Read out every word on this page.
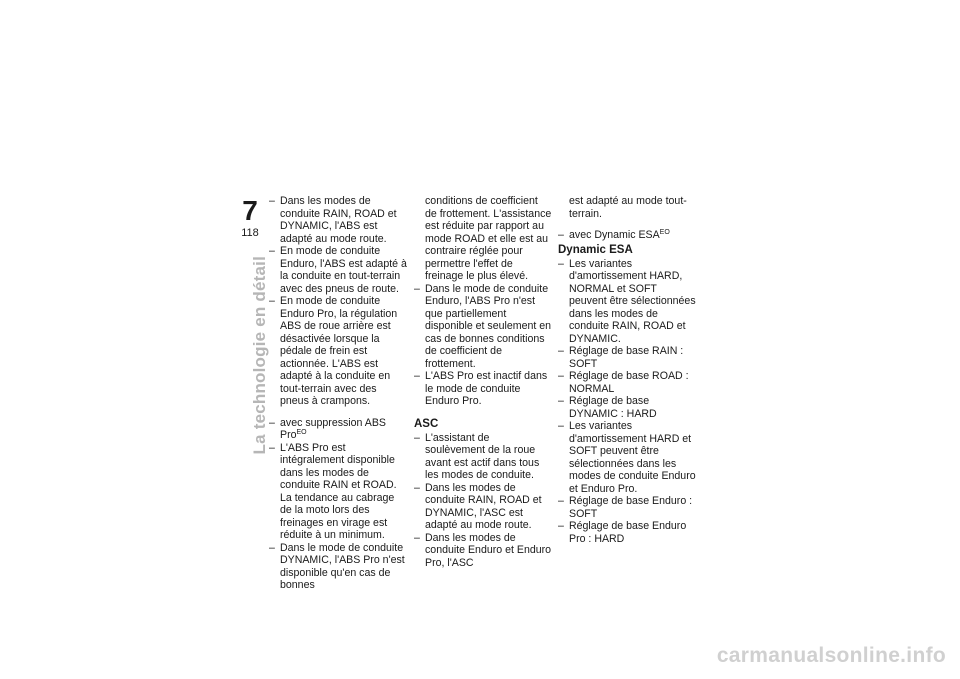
7
118
La technologie en détail
– Dans les modes de conduite RAIN, ROAD et DYNAMIC, l'ABS est adapté au mode route.
– En mode de conduite Enduro, l'ABS est adapté à la conduite en tout-terrain avec des pneus de route.
– En mode de conduite Enduro Pro, la régulation ABS de roue arrière est désactivée lorsque la pédale de frein est actionnée. L'ABS est adapté à la conduite en tout-terrain avec des pneus à crampons.
– avec suppression ABS Pro$^{EO}$
– L'ABS Pro est intégralement disponible dans les modes de conduite RAIN et ROAD. La tendance au cabrage de la moto lors des freinages en virage est réduite à un minimum.
– Dans le mode de conduite DYNAMIC, l'ABS Pro n'est disponible qu'en cas de bonnes
conditions de coefficient de frottement. L'assistance est réduite par rapport au mode ROAD et elle est au contraire réglée pour permettre l'effet de freinage le plus élevé.
– Dans le mode de conduite Enduro, l'ABS Pro n'est que partiellement disponible et seulement en cas de bonnes conditions de coefficient de frottement.
– L'ABS Pro est inactif dans le mode de conduite Enduro Pro.
ASC
– L'assistant de soulèvement de la roue avant est actif dans tous les modes de conduite.
– Dans les modes de conduite RAIN, ROAD et DYNAMIC, l'ASC est adapté au mode route.
– Dans les modes de conduite Enduro et Enduro Pro, l'ASC
est adapté au mode tout-terrain.
– avec Dynamic $ESA^{EO}$
Dynamic ESA
– Les variantes d'amortissement HARD, NORMAL et SOFT peuvent être sélectionnées dans les modes de conduite RAIN, ROAD et DYNAMIC.
– Réglage de base RAIN : SOFT
– Réglage de base ROAD : NORMAL
– Réglage de base DYNAMIC : HARD
– Les variantes d'amortissement HARD et SOFT peuvent être sélectionnées dans les modes de conduite Enduro et Enduro Pro.
– Réglage de base Enduro : SOFT
– Réglage de base Enduro Pro : HARD
carmanualsonline.info
